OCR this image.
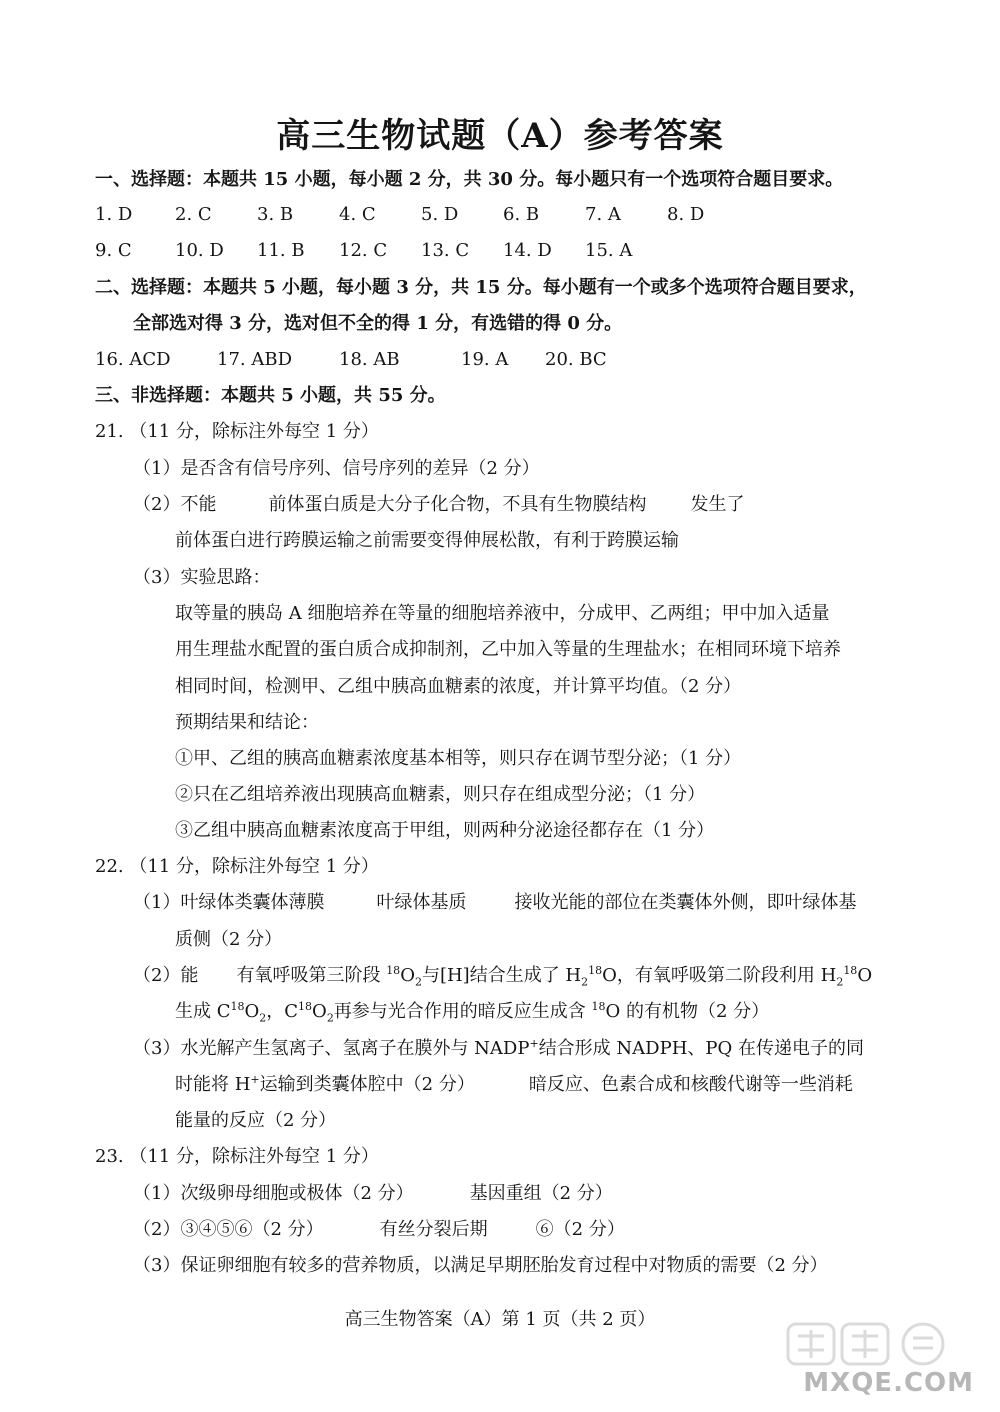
高三生物试题（A）参考答案
一、选择题：本题共 15 小题，每小题 2 分，共 30 分。每小题只有一个选项符合题目要求。
1. D 2. C	3. B	4. C	5. D 6. B	7. A	8. D
9. C 10. D 11. B 12. C 13. C 14. D 15. A
二、选择题：本题共 5 小题，每小题 3 分，共 15 分。每小题有一个或多个选项符合题目要求，
全部选对得 3 分，选对但不全的得 1 分，有选错的得 0 分。
16. ACD	17. ABD	18. AB	19. A 20. BC
三、非选择题：本题共 5 小题，共 55 分。
21. （11 分，除标注外每空 1 分）
（1）是否含有信号序列、信号序列的差异（2 分）
（2）不能	前体蛋白质是大分子化合物，不具有生物膜结构 发生了
前体蛋白进行跨膜运输之前需要变得伸展松散，有利于跨膜运输
（3）实验思路：
取等量的胰岛 A 细胞培养在等量的细胞培养液中，分成甲、乙两组；甲中加入适量
用生理盐水配置的蛋白质合成抑制剂，乙中加入等量的生理盐水；在相同环境下培养
相同时间，检测甲、乙组中胰高血糖素的浓度，并计算平均值。（2 分）
预期结果和结论：
①甲、乙组的胰高血糖素浓度基本相等，则只存在调节型分泌；（1 分）
②只在乙组培养液出现胰高血糖素，则只存在组成型分泌；（1 分）
③乙组中胰高血糖素浓度高于甲组，则两种分泌途径都存在（1 分）
22. （11 分，除标注外每空 1 分）
（1）叶绿体类囊体薄膜	叶绿体基质	接收光能的部位在类囊体外侧，即叶绿体基
质侧（2 分）
（2）能 有氧呼吸第三阶段 $^{18}O_2$与[H]结合生成了 $H_2^{18}O$，有氧呼吸第二阶段利用 $H_2^{18}O$
生成 $C^{18}O_2$，$C^{18}O_2$再参与光合作用的暗反应生成含 $^{18}$O 的有机物（2 分）
（3）水光解产生氢离子、氢离子在膜外与 NADP+结合形成 NADPH、PQ 在传递电子的同
时能将 H+运输到类囊体腔中（2 分）	暗反应、色素合成和核酸代谢等一些消耗
能量的反应（2 分）
23. （11 分，除标注外每空 1 分）
（1）次级卵母细胞或极体（2 分）	基因重组（2 分）
（2）③④⑤⑥（2 分）	有丝分裂后期	⑥（2 分）
（3）保证卵细胞有较多的营养物质，以满足早期胚胎发育过程中对物质的需要（2 分）
高三生物答案（A）第 1 页（共 2 页）
MXQE.COM
